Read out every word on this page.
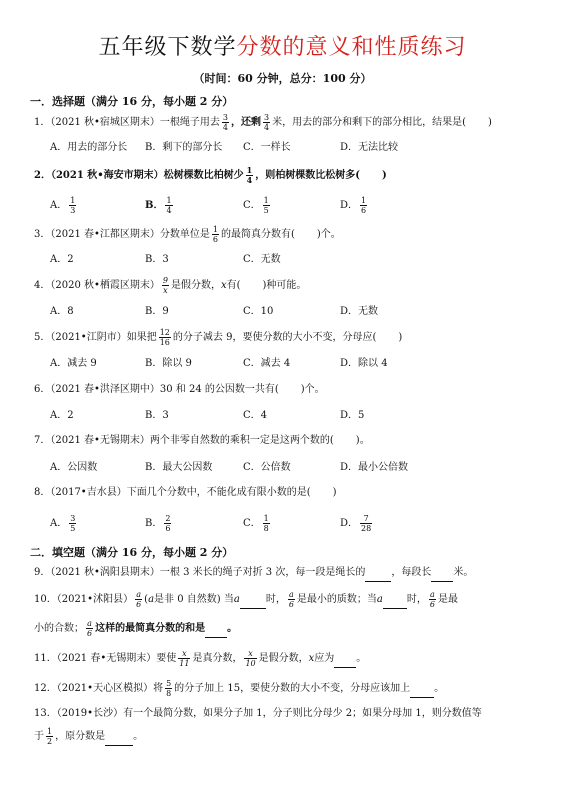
五年级下数学分数的意义和性质练习
（时间：60 分钟，总分：100 分）
一．选择题（满分 16 分，每小题 2 分）
1．（2021 秋•宿城区期末）一根绳子用去 $\frac{3}{4}$ ，还剩 $\frac{3}{4}$ 米，用去的部分和剩下的部分相比，结果是( )
A．用去的部分长 B．剩下的部分长 C．一样长	D．无法比较
2．（2021 秋•海安市期末）松树棵数比柏树少 $\frac{1}{4}$ ，则柏树棵数比松树多( )
A． $\frac{1}{3}$	B． $\frac{1}{4}$	C． $\frac{1}{5}$	D． $\frac{1}{6}$
3．（2021 春•江都区期末）分数单位是 $\frac{1}{6}$ 的最简真分数有( )个。
A．2	B．3	C．无数
4．（2020 秋•栖霞区期末） $\frac{9}{x}$ 是假分数，x有( )种可能。
A．8	B．9	C．10	D．无数
5．（2021•江阴市）如果把 $\frac{12}{16}$ 的分子减去 9，要使分数的大小不变，分母应( )
A．减去 9	B．除以 9	C．减去 4	D．除以 4
6．（2021 春•洪泽区期中）30 和 24 的公因数一共有( )个。
A．2	B．3	C．4	D．5
7．（2021 春•无锡期末）两个非零自然数的乘积一定是这两个数的( )。
A．公因数	B．最大公因数	C．公倍数	D．最小公倍数
8．（2017•吉水县）下面几个分数中，不能化成有限小数的是( )
A． $\frac{3}{5}$	B． $\frac{2}{6}$	C． $\frac{1}{8}$	D． $\frac{7}{28}$
二．填空题（满分 16 分，每小题 2 分）
9．（2021 秋•涡阳县期末）一根 3 米长的绳子对折 3 次，每一段是绳长的	，每段长 米。
10．（2021•沭阳县） $\frac{a}{6} (a$是非 0 自然数) 当a	时， $\frac{a}{6}$ 是最小的质数；当a 时， $\frac{a}{6}$ 是最
小的合数； $\frac{a}{6}$ 这样的最简真分数的和是 。
11．（2021 春•无锡期末）要使 $\frac{x}{11}$ 是真分数， $\frac{x}{10}$ 是假分数，x应为 。
12．（2021•天心区模拟）将 $\frac{5}{8}$ 的分子加上 15，要使分数的大小不变，分母应该加上 。
13．（2019•长沙）有一个最简分数，如果分子加 1，分子则比分母少 2；如果分母加 1，则分数值等
于 $\frac{1}{2}$ ，原分数是	。
